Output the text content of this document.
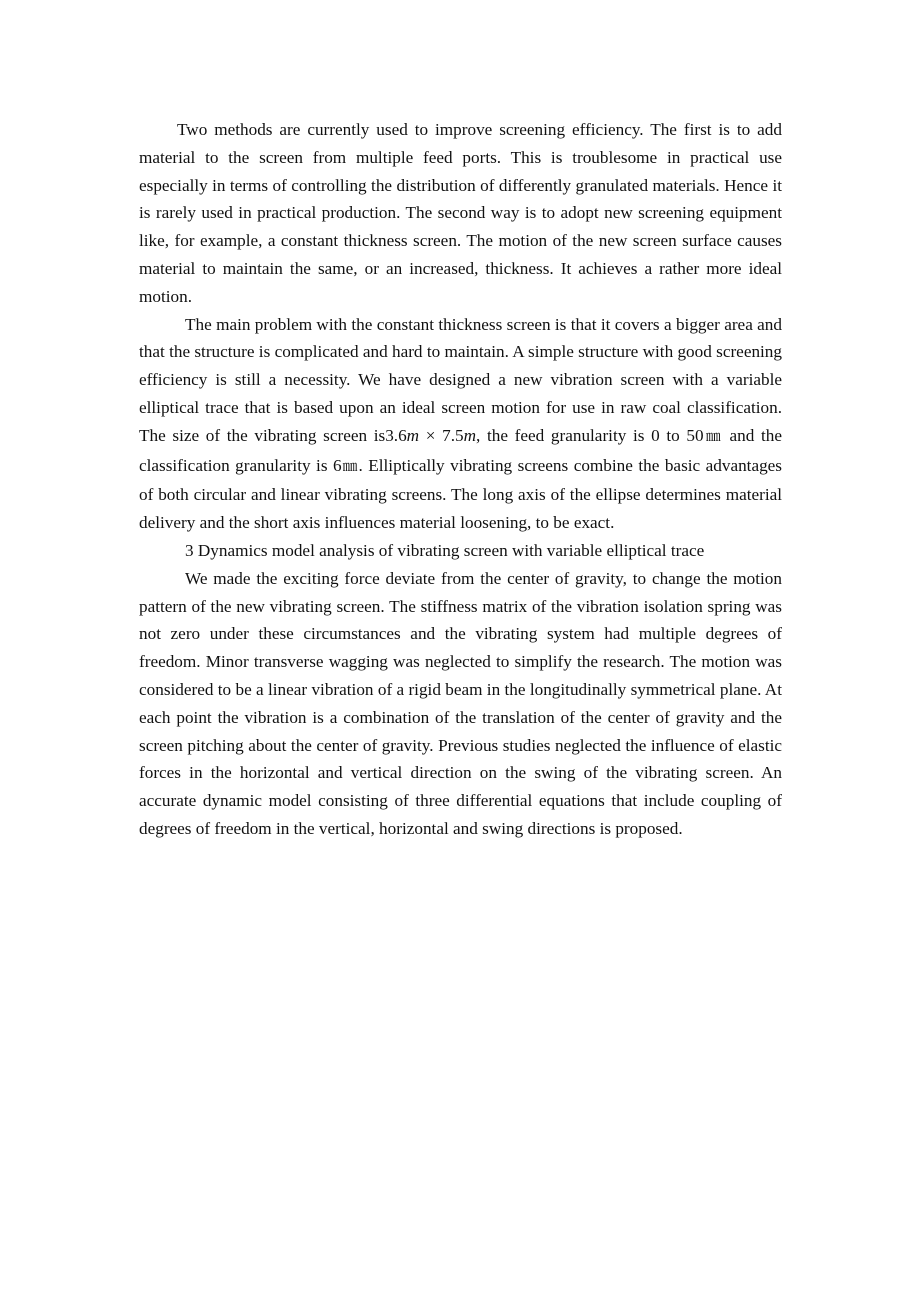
Two methods are currently used to improve screening efficiency. The first is to add material to the screen from multiple feed ports. This is troublesome in practical use especially in terms of controlling the distribution of differently granulated materials. Hence it is rarely used in practical production. The second way is to adopt new screening equipment like, for example, a constant thickness screen. The motion of the new screen surface causes material to maintain the same, or an increased, thickness. It achieves a rather more ideal motion.

The main problem with the constant thickness screen is that it covers a bigger area and that the structure is complicated and hard to maintain. A simple structure with good screening efficiency is still a necessity. We have designed a new vibration screen with a variable elliptical trace that is based upon an ideal screen motion for use in raw coal classification. The size of the vibrating screen is3.6m × 7.5m, the feed granularity is 0 to 50㎜ and the classification granularity is 6㎜. Elliptically vibrating screens combine the basic advantages of both circular and linear vibrating screens. The long axis of the ellipse determines material delivery and the short axis influences material loosening, to be exact.

3 Dynamics model analysis of vibrating screen with variable elliptical trace

We made the exciting force deviate from the center of gravity, to change the motion pattern of the new vibrating screen. The stiffness matrix of the vibration isolation spring was not zero under these circumstances and the vibrating system had multiple degrees of freedom. Minor transverse wagging was neglected to simplify the research. The motion was considered to be a linear vibration of a rigid beam in the longitudinally symmetrical plane. At each point the vibration is a combination of the translation of the center of gravity and the screen pitching about the center of gravity. Previous studies neglected the influence of elastic forces in the horizontal and vertical direction on the swing of the vibrating screen. An accurate dynamic model consisting of three differential equations that include coupling of degrees of freedom in the vertical, horizontal and swing directions is proposed.
